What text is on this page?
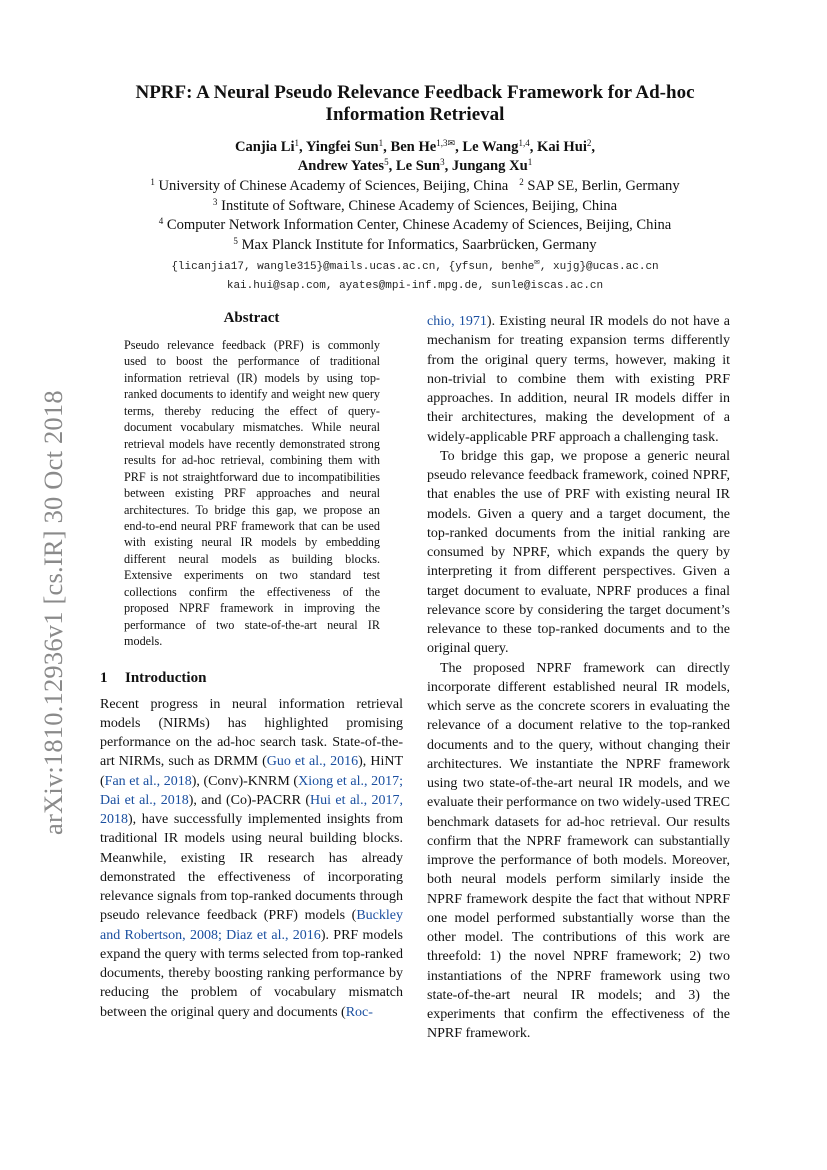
arXiv:1810.12936v1 [cs.IR] 30 Oct 2018
NPRF: A Neural Pseudo Relevance Feedback Framework for Ad-hoc Information Retrieval
Canjia Li$^1$, Yingfei Sun$^1$, Ben $He^{1,3✉}$, Le Wang$^{1,4}$, Kai Hui$^2$,
Andrew Yates$^5$, Le Sun$^3$, Jungang Xu$^1$
$^1$ University of Chinese Academy of Sciences, Beijing, China $^2$ SAP SE, Berlin, Germany
$^3$ Institute of Software, Chinese Academy of Sciences, Beijing, China
$^4$ Computer Network Information Center, Chinese Academy of Sciences, Beijing, China
$^5$ Max Planck Institute for Informatics, Saarbrücken, Germany
{licanjia17, wangle315}@mails.ucas.ac.cn, {yfsun, benhe✉, xujg}@ucas.ac.cn
kai.hui@sap.com, ayates@mpi-inf.mpg.de, sunle@iscas.ac.cn
Abstract
Pseudo relevance feedback (PRF) is commonly used to boost the performance of traditional information retrieval (IR) models by using top-ranked documents to identify and weight new query terms, thereby reducing the effect of query-document vocabulary mismatches. While neural retrieval models have recently demonstrated strong results for ad-hoc retrieval, combining them with PRF is not straightforward due to incompatibilities between existing PRF approaches and neural architectures. To bridge this gap, we propose an end-to-end neural PRF framework that can be used with existing neural IR models by embedding different neural models as building blocks. Extensive experiments on two standard test collections confirm the effectiveness of the proposed NPRF framework in improving the performance of two state-of-the-art neural IR models.
1 Introduction
Recent progress in neural information retrieval models (NIRMs) has highlighted promising performance on the ad-hoc search task. State-of-the-art NIRMs, such as DRMM (Guo et al., 2016), HiNT (Fan et al., 2018), (Conv)-KNRM (Xiong et al., 2017; Dai et al., 2018), and (Co)-PACRR (Hui et al., 2017, 2018), have successfully implemented insights from traditional IR models using neural building blocks. Meanwhile, existing IR research has already demonstrated the effectiveness of incorporating relevance signals from top-ranked documents through pseudo relevance feedback (PRF) models (Buckley and Robertson, 2008; Diaz et al., 2016). PRF models expand the query with terms selected from top-ranked documents, thereby boosting ranking performance by reducing the problem of vocabulary mismatch between the original query and documents (Roc-

chio, 1971). Existing neural IR models do not have a mechanism for treating expansion terms differently from the original query terms, however, making it non-trivial to combine them with existing PRF approaches. In addition, neural IR models differ in their architectures, making the development of a widely-applicable PRF approach a challenging task.

To bridge this gap, we propose a generic neural pseudo relevance feedback framework, coined NPRF, that enables the use of PRF with existing neural IR models. Given a query and a target document, the top-ranked documents from the initial ranking are consumed by NPRF, which expands the query by interpreting it from different perspectives. Given a target document to evaluate, NPRF produces a final relevance score by considering the target document’s relevance to these top-ranked documents and to the original query.

The proposed NPRF framework can directly incorporate different established neural IR models, which serve as the concrete scorers in evaluating the relevance of a document relative to the top-ranked documents and to the query, without changing their architectures. We instantiate the NPRF framework using two state-of-the-art neural IR models, and we evaluate their performance on two widely-used TREC benchmark datasets for ad-hoc retrieval. Our results confirm that the NPRF framework can substantially improve the performance of both models. Moreover, both neural models perform similarly inside the NPRF framework despite the fact that without NPRF one model performed substantially worse than the other model. The contributions of this work are threefold: 1) the novel NPRF framework; 2) two instantiations of the NPRF framework using two state-of-the-art neural IR models; and 3) the experiments that confirm the effectiveness of the NPRF framework.
